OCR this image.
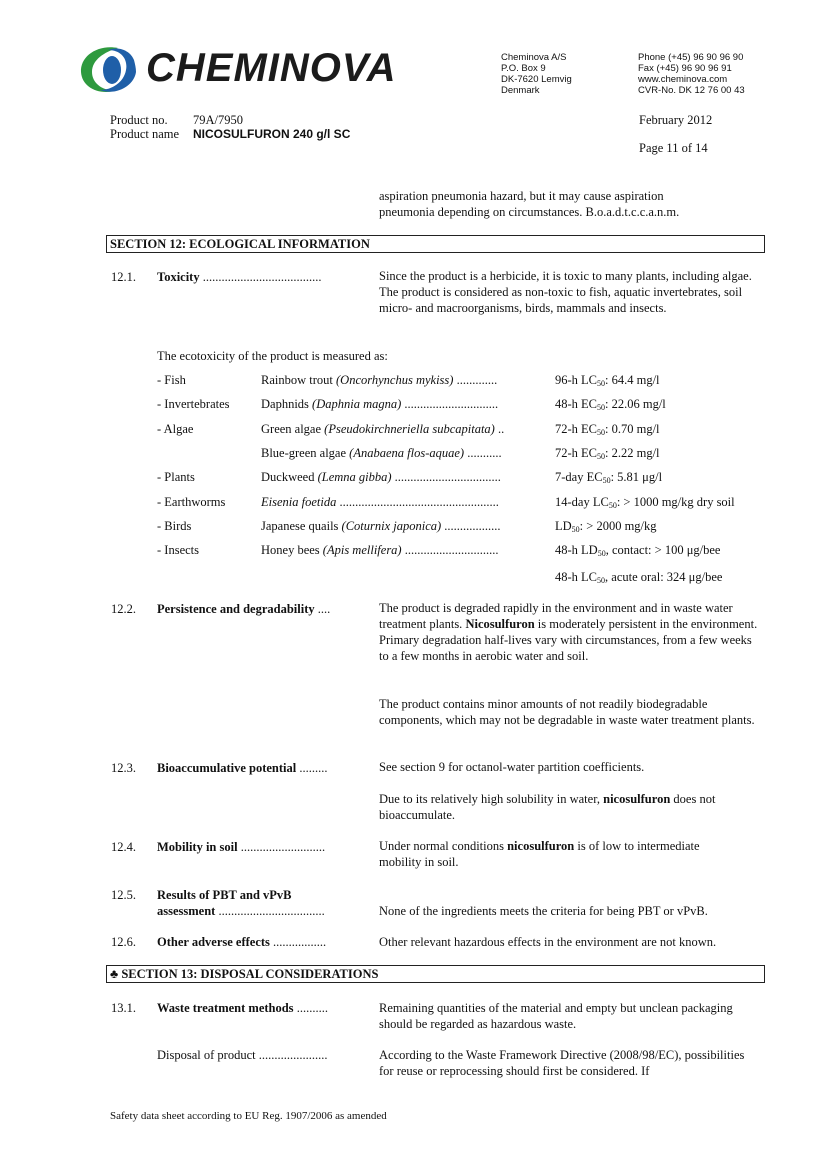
CHEMINOVA	Cheminova A/S
P.O. Box 9
DK-7620 Lemvig
Denmark
Phone (+45) 96 90 96 90
Fax (+45) 96 90 96 91
www.cheminova.com
CVR-No. DK 12 76 00 43
Product no. 79A/7950
Product name NICOSULFURON 240 g/l SC
February 2012
Page 11 of 14
aspiration pneumonia hazard, but it may cause aspiration
pneumonia depending on circumstances. B.o.a.d.t.c.c.a.n.m.
SECTION 12: ECOLOGICAL INFORMATION
12.1. Toxicity ......................................	Since the product is a herbicide, it is toxic to many plants, including algae. The product is considered as non-toxic to fish, aquatic invertebrates, soil micro- and macroorganisms, birds, mammals and insects.
The ecotoxicity of the product is measured as:
- Fish	Rainbow trout (Oncorhynchus mykiss) .............	96-h $LC_{50}$: 64.4 mg/l
- Invertebrates	Daphnids (Daphnia magna) ..............................	48-h $EC_{50}$: 22.06 mg/l
- Algae	Green algae (Pseudokirchneriella subcapitata) ..	72-h $EC_{50}$: 0.70 mg/l
Blue-green algae (Anabaena flos-aquae) ...........	72-h $EC_{50}$: 2.22 mg/l
- Plants	Duckweed (Lemna gibba) ..................................	7-day $EC_{50}$: 5.81 μg/l
- Earthworms	Eisenia foetida ...................................................	14-day $LC_{50}$: > 1000 mg/kg dry soil
- Birds	Japanese quails (Coturnix japonica) ..................	$LD_{50}$: > 2000 mg/kg
- Insects	Honey bees (Apis mellifera) ..............................	48-h $LD_{50}$, contact: > 100 μg/bee
48-h $LC_{50}$, acute oral: 324 μg/bee
12.2. Persistence and degradability ....	The product is degraded rapidly in the environment and in waste water treatment plants. Nicosulfuron is moderately persistent in the environment. Primary degradation half-lives vary with circumstances, from a few weeks to a few months in aerobic water and soil.
The product contains minor amounts of not readily biodegradable components, which may not be degradable in waste water treatment plants.
12.3. Bioaccumulative potential .........	See section 9 for octanol-water partition coefficients.
Due to its relatively high solubility in water, nicosulfuron does not bioaccumulate.
12.4. Mobility in soil ...........................	Under normal conditions nicosulfuron is of low to intermediate mobility in soil.
12.5. Results of PBT and vPvB
assessment ..................................	None of the ingredients meets the criteria for being PBT or vPvB.
12.6. Other adverse effects .................	Other relevant hazardous effects in the environment are not known.
♣ SECTION 13: DISPOSAL CONSIDERATIONS
13.1. Waste treatment methods ..........	Remaining quantities of the material and empty but unclean packaging should be regarded as hazardous waste.
Disposal of product ......................	According to the Waste Framework Directive (2008/98/EC), possibilities for reuse or reprocessing should first be considered. If
Safety data sheet according to EU Reg. 1907/2006 as amended
